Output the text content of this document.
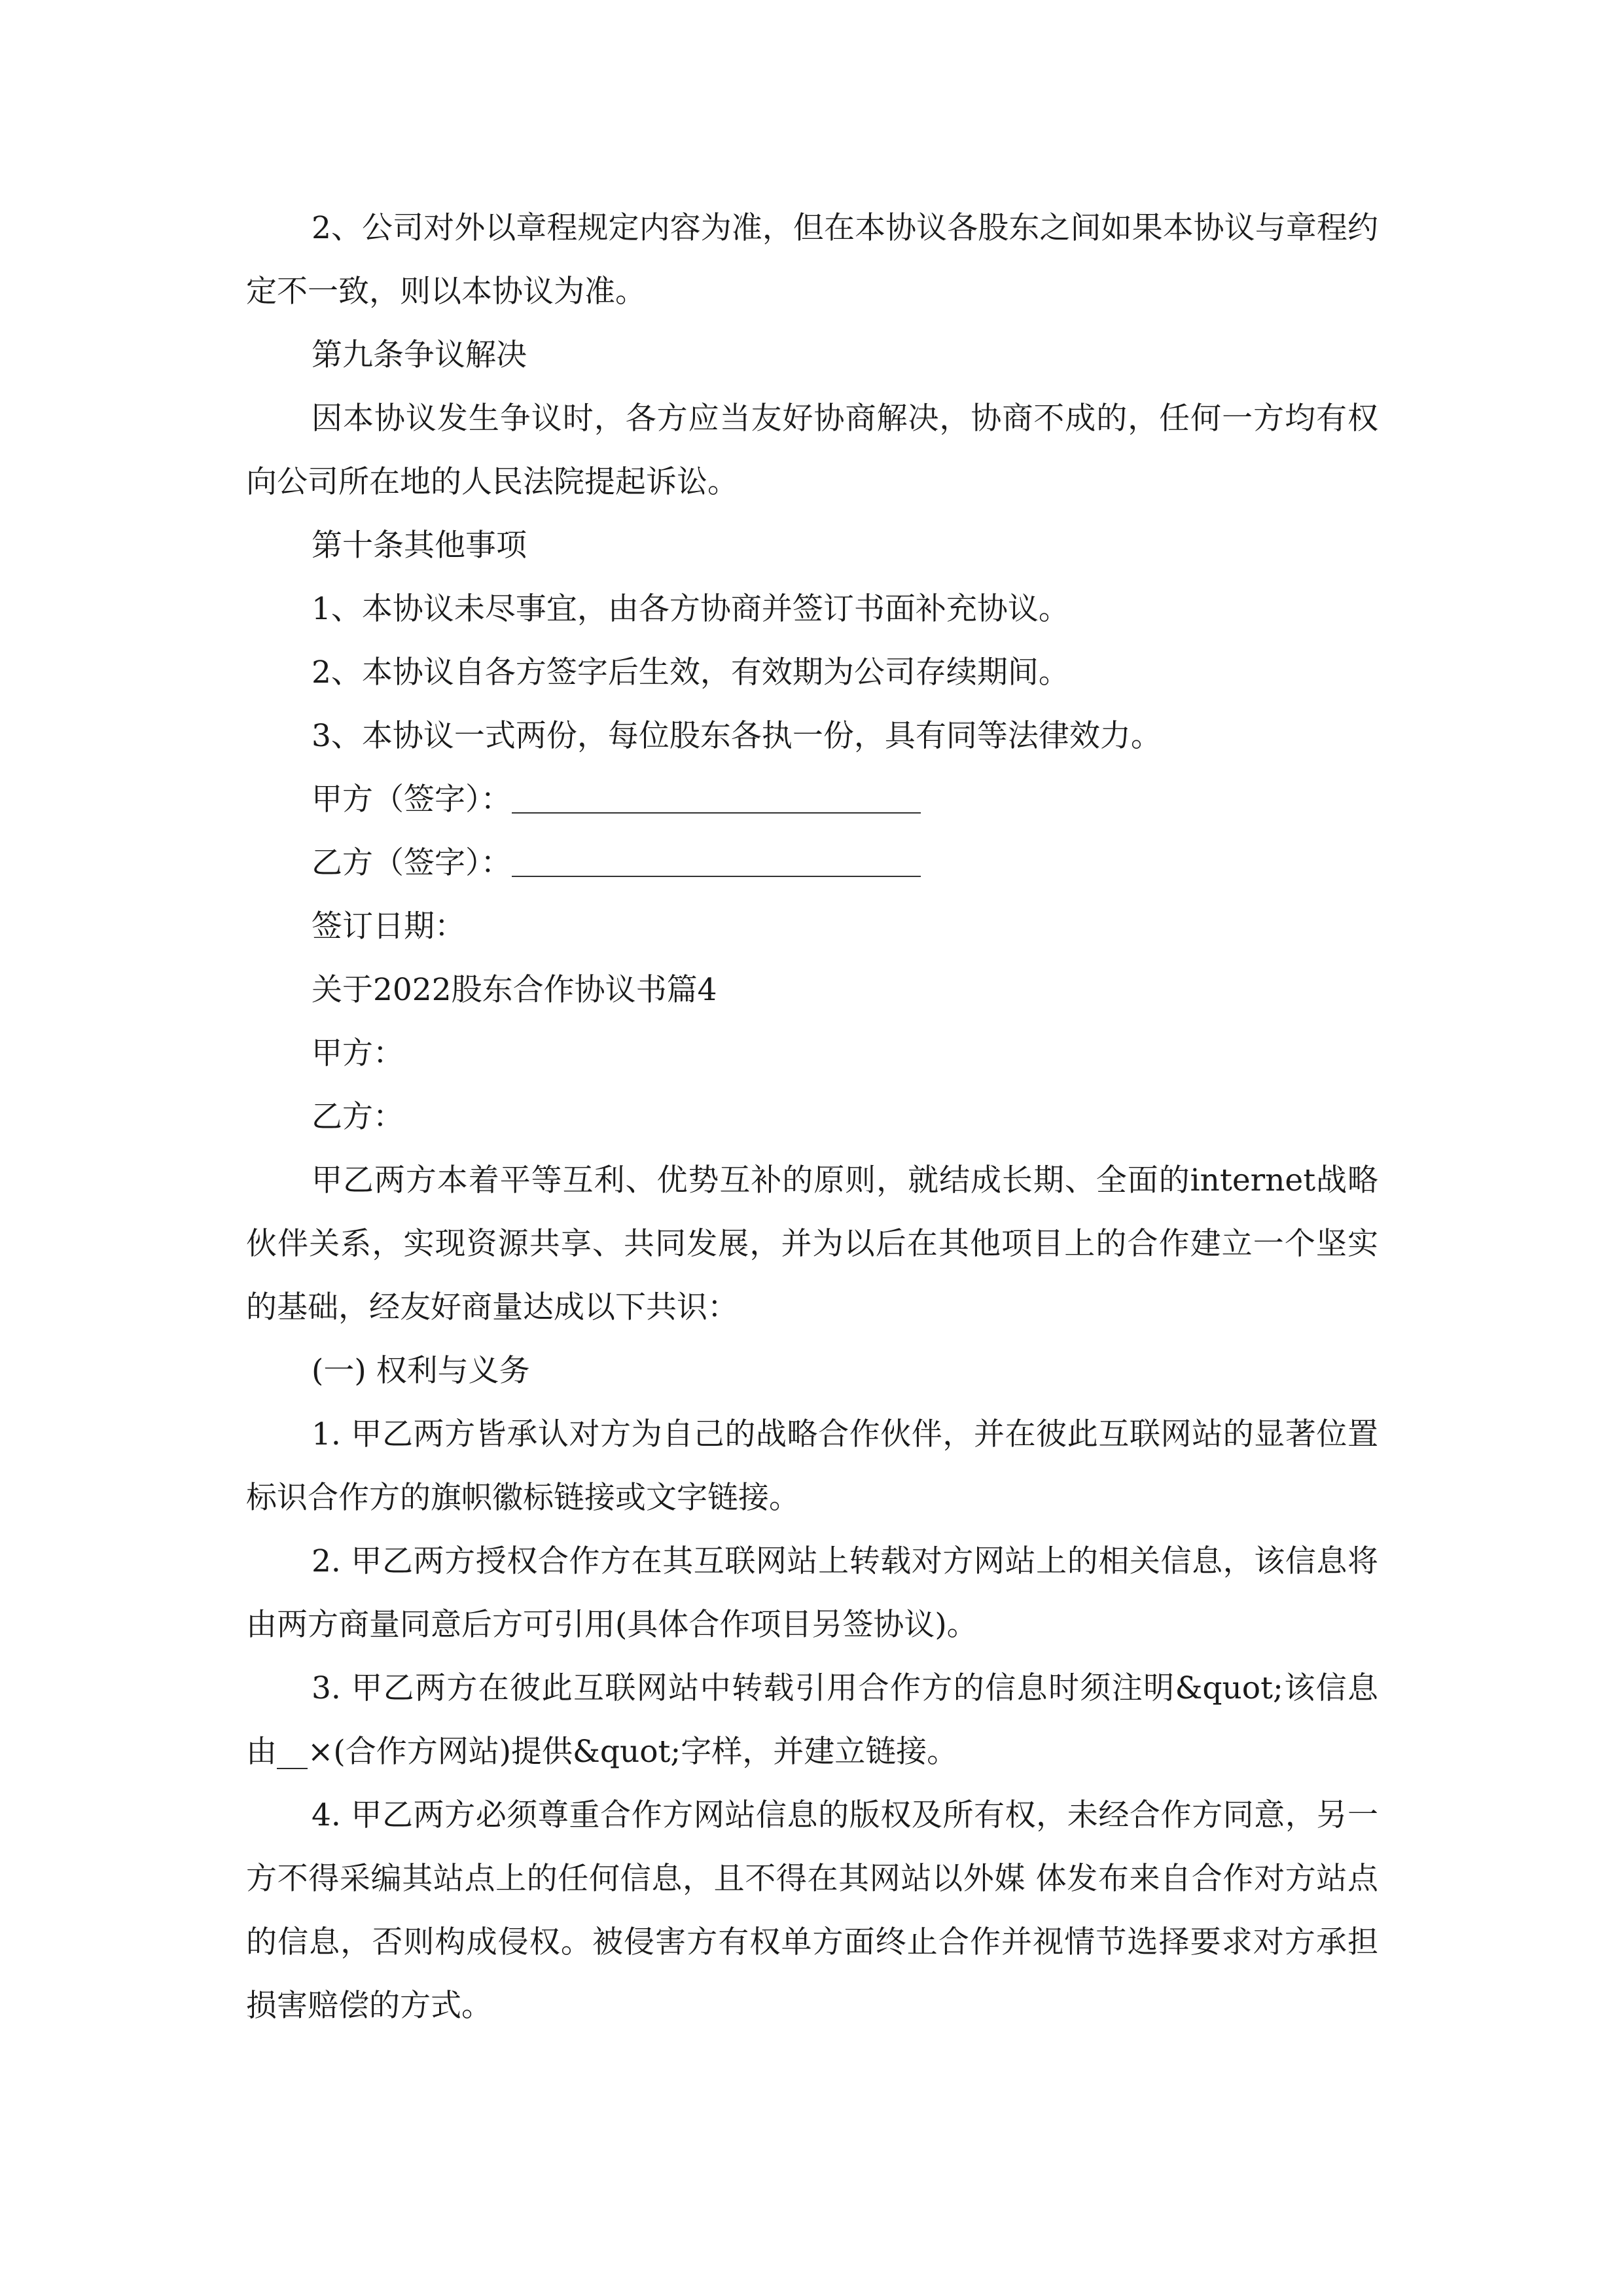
2、公司对外以章程规定内容为准，但在本协议各股东之间如果本协议与章程约定不一致，则以本协议为准。

第九条争议解决

因本协议发生争议时，各方应当友好协商解决，协商不成的，任何一方均有权向公司所在地的人民法院提起诉讼。

第十条其他事项

1、本协议未尽事宜，由各方协商并签订书面补充协议。

2、本协议自各方签字后生效，有效期为公司存续期间。

3、本协议一式两份，每位股东各执一份，具有同等法律效力。

甲方（签字）：

乙方（签字）：

签订日期：

关于2022股东合作协议书篇4

甲方：

乙方：

甲乙两方本着平等互利、优势互补的原则，就结成长期、全面的internet战略伙伴关系，实现资源共享、共同发展，并为以后在其他项目上的合作建立一个坚实的基础，经友好商量达成以下共识：

(一) 权利与义务

1. 甲乙两方皆承认对方为自己的战略合作伙伴，并在彼此互联网站的显著位置标识合作方的旗帜徽标链接或文字链接。

2. 甲乙两方授权合作方在其互联网站上转载对方网站上的相关信息，该信息将由两方商量同意后方可引用(具体合作项目另签协议)。

3. 甲乙两方在彼此互联网站中转载引用合作方的信息时须注明&quot;该信息由__×(合作方网站)提供&quot;字样，并建立链接。

4. 甲乙两方必须尊重合作方网站信息的版权及所有权，未经合作方同意，另一方不得采编其站点上的任何信息，且不得在其网站以外媒 体发布来自合作对方站点的信息，否则构成侵权。被侵害方有权单方面终止合作并视情节选择要求对方承担损害赔偿的方式。
